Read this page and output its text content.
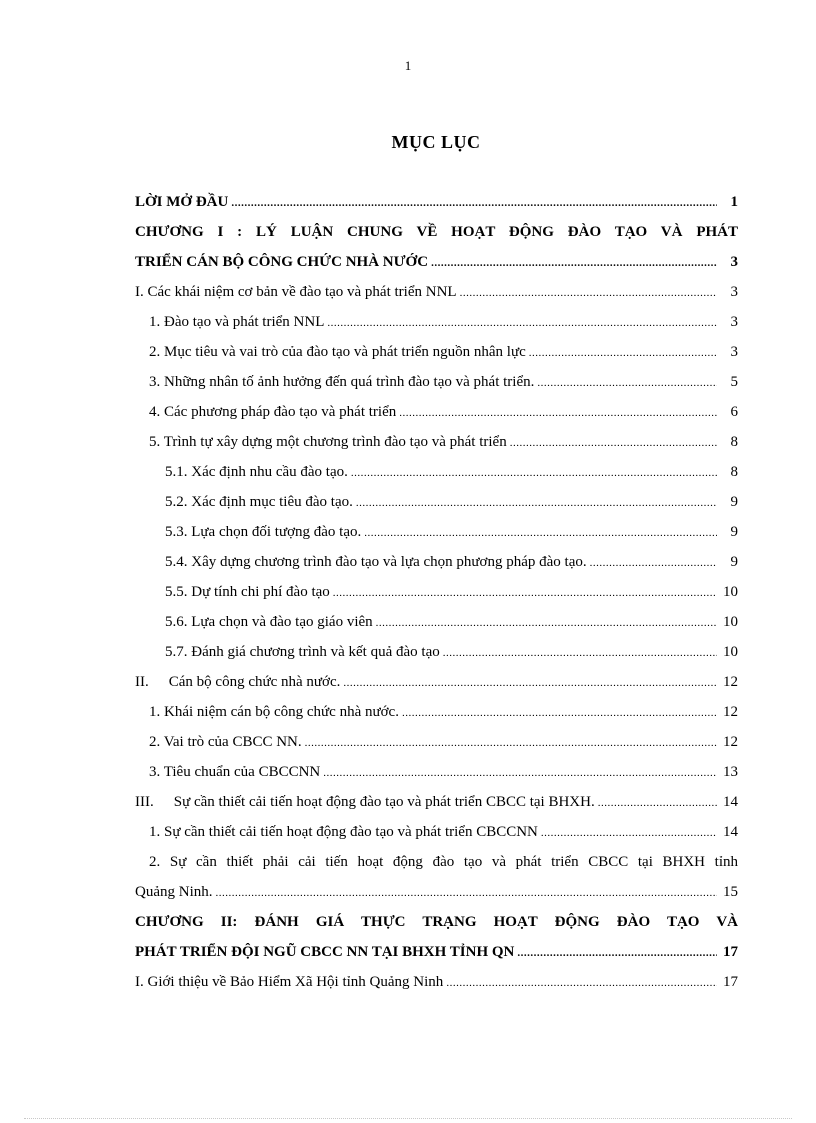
1
MỤC LỤC
LỜI MỞ ĐẦU .....	1
CHƯƠNG I : LÝ LUẬN CHUNG VỀ HOẠT ĐỘNG ĐÀO TẠO VÀ PHÁT
TRIỂN CÁN BỘ CÔNG CHỨC NHÀ NƯỚC .....	3
I. Các khái niệm cơ bản về đào tạo và phát triển NNL .....	3
1. Đào tạo và phát triển NNL .....	3
2. Mục tiêu và vai trò của đào tạo và phát triển nguồn nhân lực .....	3
3. Những nhân tố ảnh hưởng đến quá trình đào tạo và phát triển. .....	5
4. Các phương pháp đào tạo và phát triển .....	6
5. Trình tự xây dựng một chương trình đào tạo và phát triển .....	8
5.1. Xác định nhu cầu đào tạo. .....	8
5.2. Xác định mục tiêu đào tạo. .....	9
5.3. Lựa chọn đối tượng đào tạo. .....	9
5.4. Xây dựng chương trình đào tạo và lựa chọn phương pháp đào tạo. .....	9
5.5. Dự tính chi phí đào tạo .....	10
5.6. Lựa chọn và đào tạo giáo viên .....	10
5.7. Đánh giá chương trình và kết quả đào tạo .....	10
II. Cán bộ công chức nhà nước. .....	12
1. Khái niệm cán bộ công chức nhà nước. .....	12
2. Vai trò của CBCC NN. .....	12
3. Tiêu chuẩn của CBCCNN .....	13
III. Sự cần thiết cải tiến hoạt động đào tạo và phát triển CBCC tại BHXH. .....	14
1. Sự cần thiết cải tiến hoạt động đào tạo và phát triển CBCCNN .....	14
2. Sự cần thiết phải cải tiến hoạt động đào tạo và phát triển CBCC tại BHXH tỉnh
Quảng Ninh. .....	15
CHƯƠNG II: ĐÁNH GIÁ THỰC TRẠNG HOẠT ĐỘNG ĐÀO TẠO VÀ
PHÁT TRIỂN ĐỘI NGŨ CBCC NN TẠI BHXH TỈNH QN .....	17
I. Giới thiệu về Bảo Hiểm Xã Hội tỉnh Quảng Ninh .....	17
